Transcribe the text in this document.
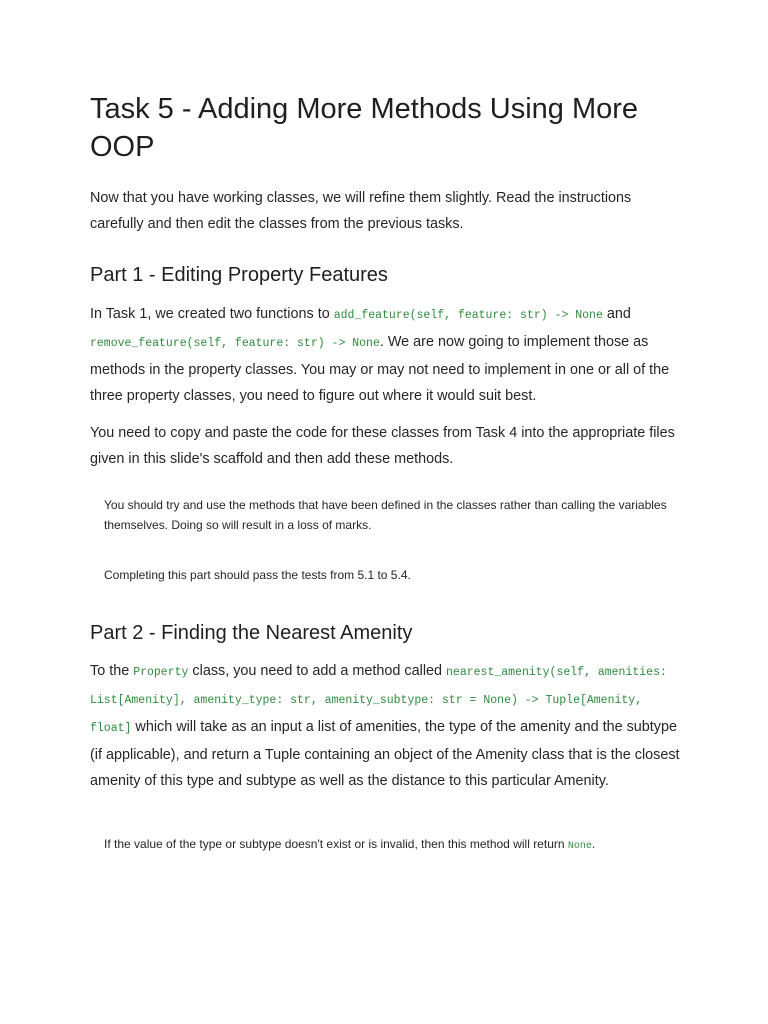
Task 5 - Adding More Methods Using More OOP

Now that you have working classes, we will refine them slightly. Read the instructions carefully and then edit the classes from the previous tasks.

Part 1 - Editing Property Features

In Task 1, we created two functions to add_feature(self, feature: str) -> None and remove_feature(self, feature: str) -> None. We are now going to implement those as methods in the property classes. You may or may not need to implement in one or all of the three property classes, you need to figure out where it would suit best.

You need to copy and paste the code for these classes from Task 4 into the appropriate files given in this slide's scaffold and then add these methods.

You should try and use the methods that have been defined in the classes rather than calling the variables themselves. Doing so will result in a loss of marks.

Completing this part should pass the tests from 5.1 to 5.4.

Part 2 - Finding the Nearest Amenity

To the Property class, you need to add a method called nearest_amenity(self, amenities: List[Amenity], amenity_type: str, amenity_subtype: str = None) -> Tuple[Amenity, float] which will take as an input a list of amenities, the type of the amenity and the subtype (if applicable), and return a Tuple containing an object of the Amenity class that is the closest amenity of this type and subtype as well as the distance to this particular Amenity.

If the value of the type or subtype doesn't exist or is invalid, then this method will return None.
